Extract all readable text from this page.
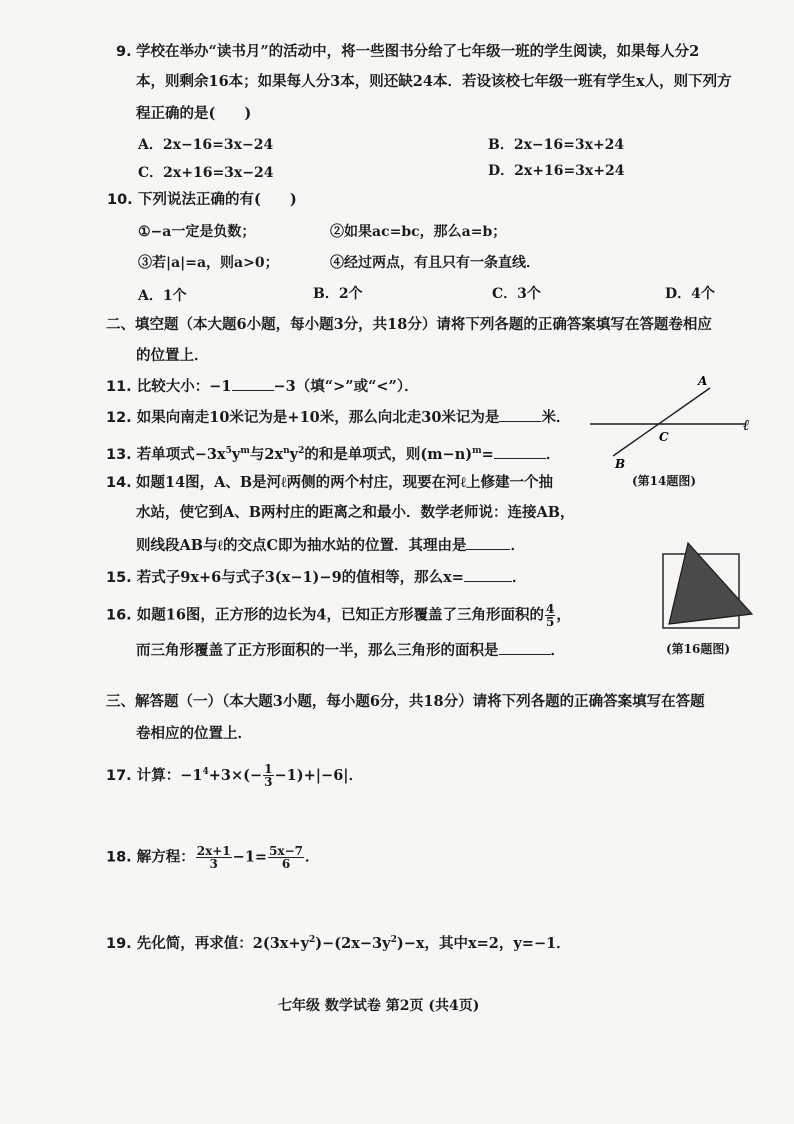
9. 学校在举办“读书月”的活动中，将一些图书分给了七年级一班的学生阅读，如果每人分2
本，则剩余16本；如果每人分3本，则还缺24本．若设该校七年级一班有学生x人，则下列方
程正确的是(　　)
A．2x−16=3x−24	B．2x−16=3x+24
C．2x+16=3x−24	D．2x+16=3x+24
10. 下列说法正确的有(　　)
①−a一定是负数；	②如果ac=bc，那么a=b；
③若|a|=a，则a>0；	④经过两点，有且只有一条直线．
A．1个	B．2个	C．3个	D．4个
二、填空题（本大题6小题，每小题3分，共18分）请将下列各题的正确答案填写在答题卷相应
的位置上．
11. 比较大小：−1	−3（填“>”或“<”）．
12. 如果向南走10米记为是+10米，那么向北走30米记为是	米．
13. 若单项式$-3x^5y^m$与$2x^ny^2$的和是单项式，则$(m-n)^m=$	．
14. 如题14图，A、B是河ℓ两侧的两个村庄，现要在河ℓ上修建一个抽
水站，使它到A、B两村庄的距离之和最小．数学老师说：连接AB，
则线段AB与ℓ的交点C即为抽水站的位置．其理由是	．
15. 若式子9x+6与式子3(x−1)−9的值相等，那么x=	．
16. 如题16图，正方形的边长为4，已知正方形覆盖了三角形面积的 $\frac{4}{5}$ ，
而三角形覆盖了正方形面积的一半，那么三角形的面积是	．
三、解答题（一）（本大题3小题，每小题6分，共18分）请将下列各题的正确答案填写在答题
卷相应的位置上．
17. 计算：$-1^4+3\times(- \frac{1}{3} -1)+|-6|$．
18. 解方程： $\frac{2x+1}{3} -1= \frac{5x-7}{6}$ ．
19. 先化简，再求值：$2(3x+y^2)-(2x-3y^2)-x$，其中x=2，y=−1．
A
B
C
ℓ
(第14题图)
(第16题图)
七年级 数学试卷 第2页 (共4页)
